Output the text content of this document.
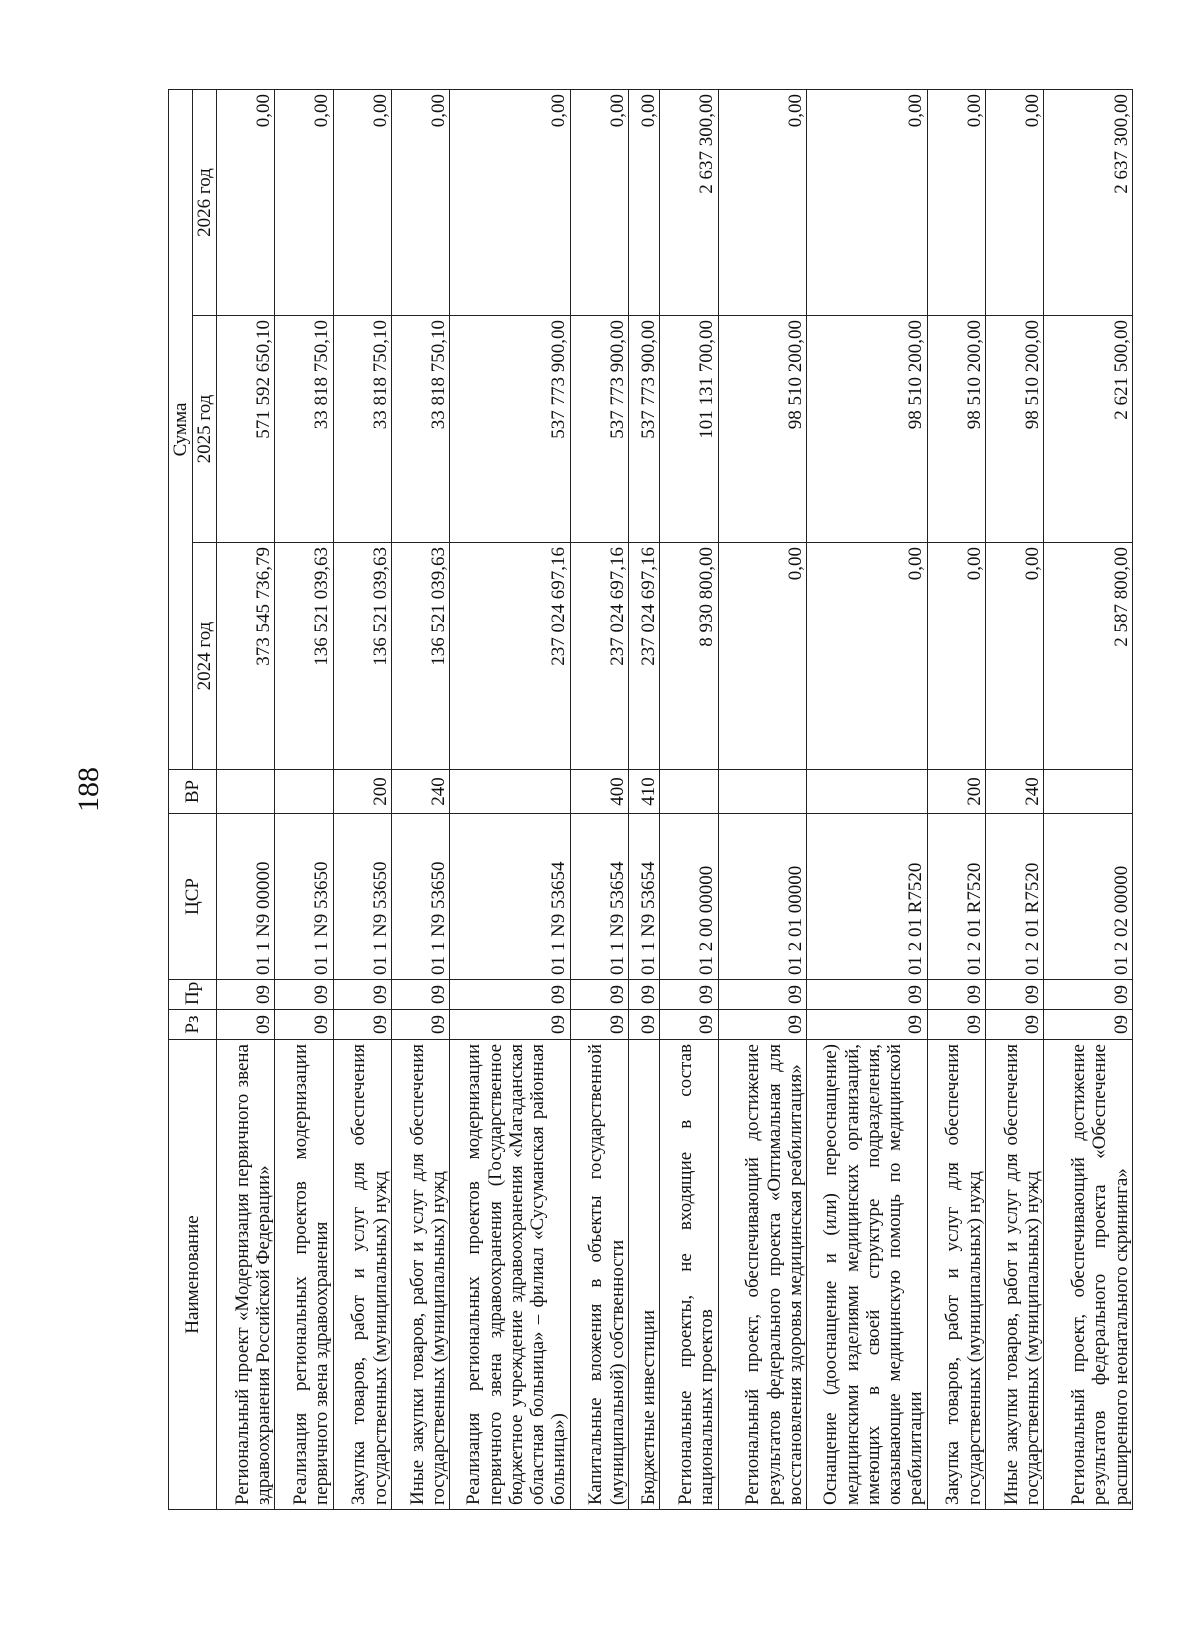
188
Наименование	Рз	Пр	ЦСР	ВР	Сумма		
					2024 год	2025 год	2026 год
Региональный проект «Модернизация первичного звена здравоохранения Российской Федерации»	09	09	01 1 N9 00000		373 545 736,79	571 592 650,10	0,00
Реализация региональных проектов модернизации первичного звена здравоохранения	09	09	01 1 N9 53650		136 521 039,63	33 818 750,10	0,00
Закупка товаров, работ и услуг для обеспечения государственных (муниципальных) нужд	09	09	01 1 N9 53650	200	136 521 039,63	33 818 750,10	0,00
Иные закупки товаров, работ и услуг для обеспечения государственных (муниципальных) нужд	09	09	01 1 N9 53650	240	136 521 039,63	33 818 750,10	0,00
Реализация региональных проектов модернизации первичного звена здравоохранения (Государственное бюджетное учреждение здравоохранения «Магаданская областная больница» – филиал «Сусуманская районная больница»)	09	09	01 1 N9 53654		237 024 697,16	537 773 900,00	0,00
Капитальные вложения в объекты государственной (муниципальной) собственности	09	09	01 1 N9 53654	400	237 024 697,16	537 773 900,00	0,00
Бюджетные инвестиции	09	09	01 1 N9 53654	410	237 024 697,16	537 773 900,00	0,00
Региональные проекты, не входящие в состав национальных проектов	09	09	01 2 00 00000		8 930 800,00	101 131 700,00	2 637 300,00
Региональный проект, обеспечивающий достижение результатов федерального проекта «Оптимальная для восстановления здоровья медицинская реабилитация»	09	09	01 2 01 00000		0,00	98 510 200,00	0,00
Оснащение (дооснащение и (или) переоснащение) медицинскими изделиями медицинских организаций, имеющих в своей структуре подразделения, оказывающие медицинскую помощь по медицинской реабилитации	09	09	01 2 01 R7520		0,00	98 510 200,00	0,00
Закупка товаров, работ и услуг для обеспечения государственных (муниципальных) нужд	09	09	01 2 01 R7520	200	0,00	98 510 200,00	0,00
Иные закупки товаров, работ и услуг для обеспечения государственных (муниципальных) нужд	09	09	01 2 01 R7520	240	0,00	98 510 200,00	0,00
Региональный проект, обеспечивающий достижение результатов федерального проекта «Обеспечение расширенного неонатального скрининга»	09	09	01 2 02 00000		2 587 800,00	2 621 500,00	2 637 300,00
